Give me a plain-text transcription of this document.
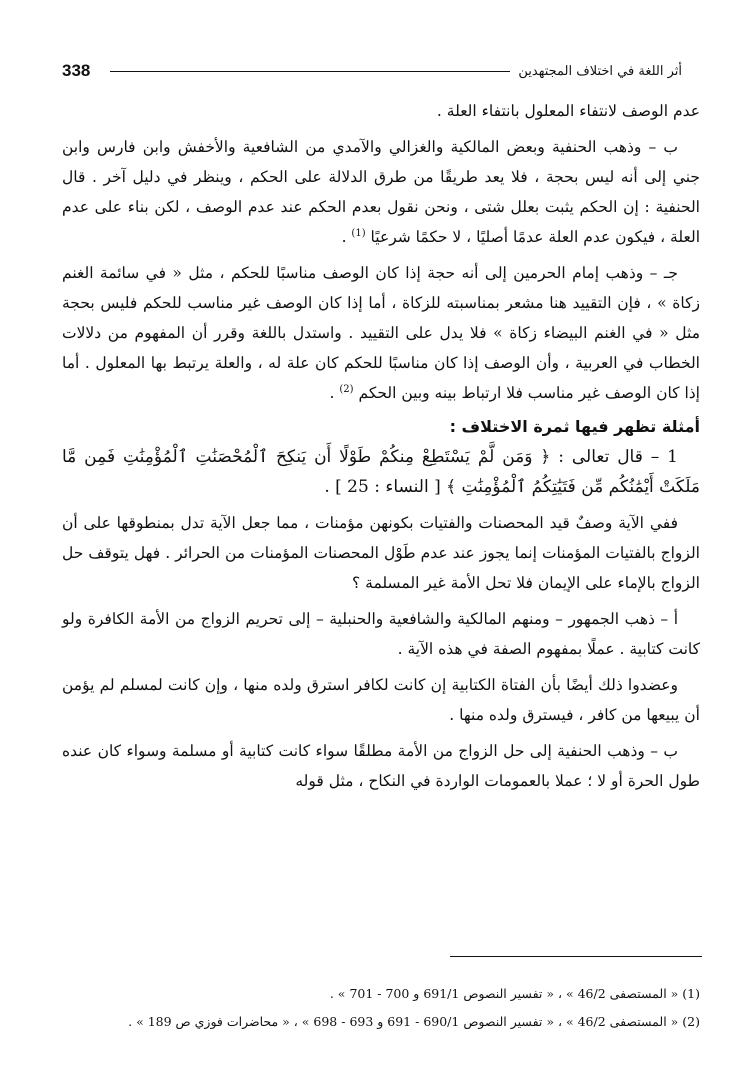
338	أثر اللغة في اختلاف المجتهدين

عدم الوصف لانتفاء المعلول بانتفاء العلة .

ب – وذهب الحنفية وبعض المالكية والغزالي والآمدي من الشافعية والأخفش وابن فارس وابن جني إلى أنه ليس بحجة ، فلا يعد طريقًا من طرق الدلالة على الحكم ، وينظر في دليل آخر . قال الحنفية : إن الحكم يثبت بعلل شتى ، ونحن نقول بعدم الحكم عند عدم الوصف ، لكن بناء على عدم العلة ، فيكون عدم العلة عدمًا أصليًا ، لا حكمًا شرعيًا $^{(1)}$ .

جـ – وذهب إمام الحرمين إلى أنه حجة إذا كان الوصف مناسبًا للحكم ، مثل « في سائمة الغنم زكاة » ، فإن التقييد هنا مشعر بمناسبته للزكاة ، أما إذا كان الوصف غير مناسب للحكم فليس بحجة مثل « في الغنم البيضاء زكاة » فلا يدل على التقييد . واستدل باللغة وقرر أن المفهوم من دلالات الخطاب في العربية ، وأن الوصف إذا كان مناسبًا للحكم كان علة له ، والعلة يرتبط بها المعلول . أما إذا كان الوصف غير مناسب فلا ارتباط بينه وبين الحكم $^{(2)}$ .

أمثلة تظهر فيها ثمرة الاختلاف :

1 – قال تعالى : ﴿ وَمَن لَّمْ يَسْتَطِعْ مِنكُمْ طَوْلًا أَن يَنكِحَ ٱلْمُحْصَنَٰتِ ٱلْمُؤْمِنَٰتِ فَمِن مَّا مَلَكَتْ أَيْمَٰنُكُم مِّن فَتَيَٰتِكُمُ ٱلْمُؤْمِنَٰتِ ﴾ [ النساء : 25 ] .

ففي الآية وصفٌ قيد المحصنات والفتيات بكونهن مؤمنات ، مما جعل الآية تدل بمنطوقها على أن الزواج بالفتيات المؤمنات إنما يجوز عند عدم طَوْل المحصنات المؤمنات من الحرائر . فهل يتوقف حل الزواج بالإماء على الإيمان فلا تحل الأمة غير المسلمة ؟

أ – ذهب الجمهور – ومنهم المالكية والشافعية والحنبلية – إلى تحريم الزواج من الأمة الكافرة ولو كانت كتابية . عملًا بمفهوم الصفة في هذه الآية .

وعضدوا ذلك أيضًا بأن الفتاة الكتابية إن كانت لكافر استرق ولده منها ، وإن كانت لمسلم لم يؤمن أن يبيعها من كافر ، فيسترق ولده منها .

ب – وذهب الحنفية إلى حل الزواج من الأمة مطلقًا سواء كانت كتابية أو مسلمة وسواء كان عنده طول الحرة أو لا ؛ عملا بالعمومات الواردة في النكاح ، مثل قوله

(1) « المستصفى 46/2 » ، « تفسير النصوص 691/1 و 700 - 701 » .

(2) « المستصفى 46/2 » ، « تفسير النصوص 690/1 - 691 و 693 - 698 » ، « محاضرات فوزي ص 189 » .
